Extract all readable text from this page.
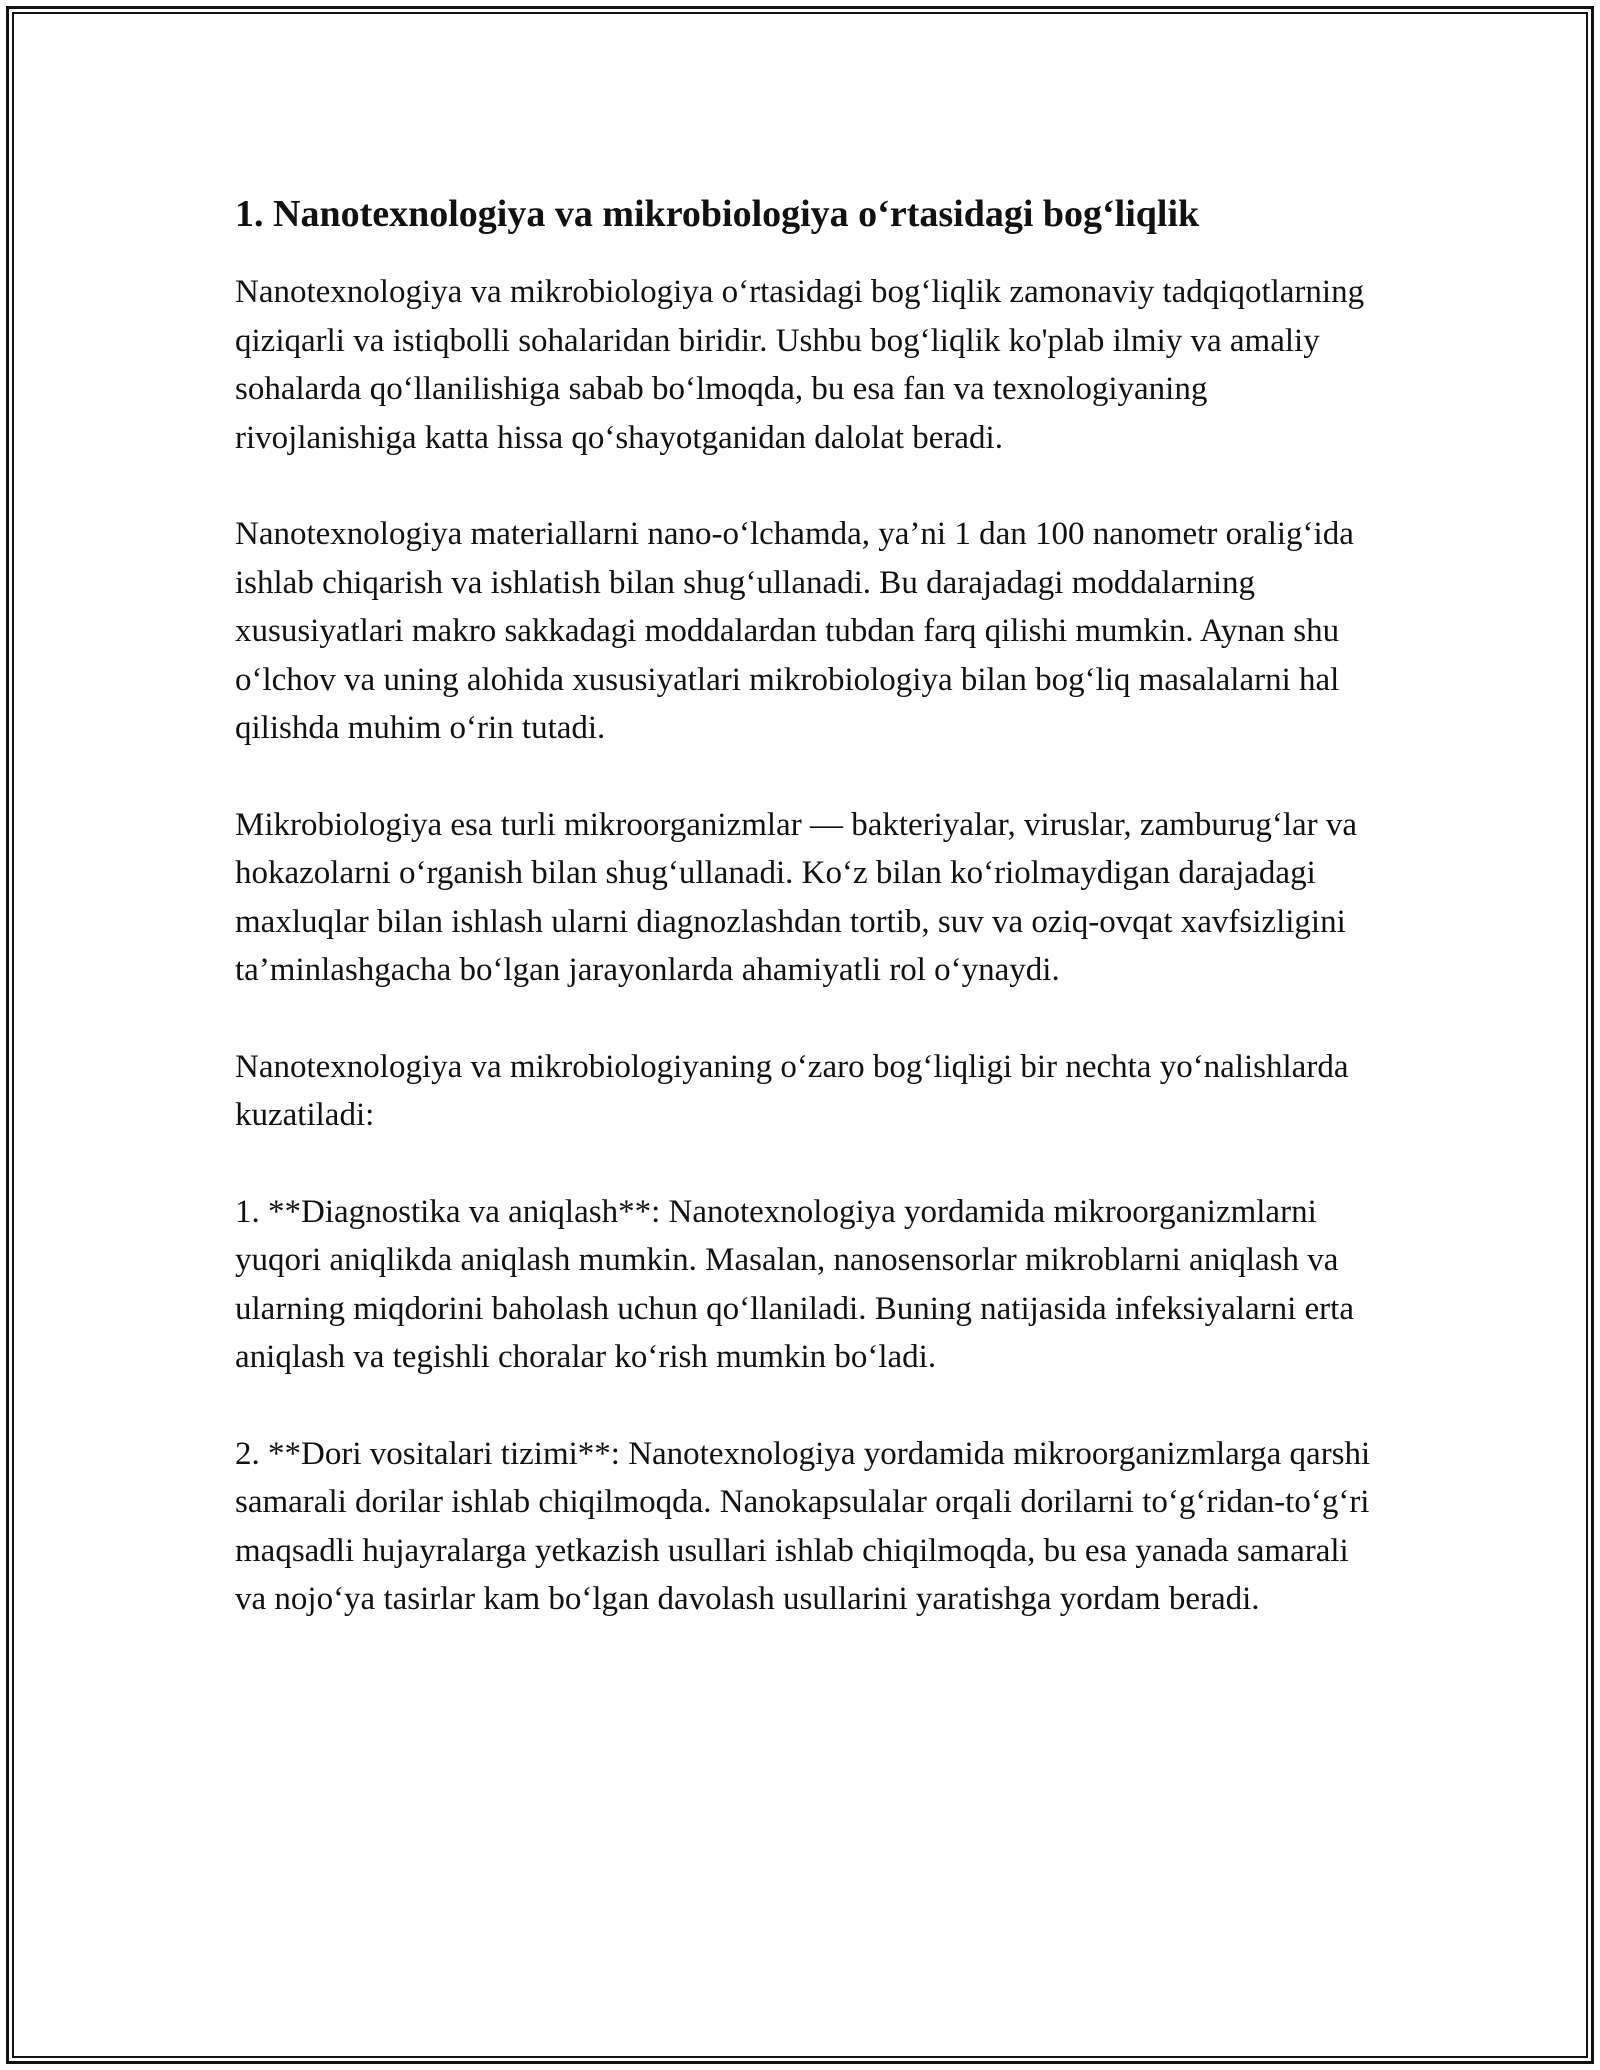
1. Nanotexnologiya va mikrobiologiya oʻrtasidagi bogʻliqlik

Nanotexnologiya va mikrobiologiya oʻrtasidagi bogʻliqlik zamonaviy tadqiqotlarning qiziqarli va istiqbolli sohalaridan biridir. Ushbu bogʻliqlik ko'plab ilmiy va amaliy sohalarda qoʻllanilishiga sabab boʻlmoqda, bu esa fan va texnologiyaning rivojlanishiga katta hissa qoʻshayotganidan dalolat beradi.

Nanotexnologiya materiallarni nano-oʻlchamda, ya’ni 1 dan 100 nanometr oraligʻida ishlab chiqarish va ishlatish bilan shugʻullanadi. Bu darajadagi moddalarning xususiyatlari makro sakkadagi moddalardan tubdan farq qilishi mumkin. Aynan shu oʻlchov va uning alohida xususiyatlari mikrobiologiya bilan bogʻliq masalalarni hal qilishda muhim oʻrin tutadi.

Mikrobiologiya esa turli mikroorganizmlar — bakteriyalar, viruslar, zamburugʻlar va hokazolarni oʻrganish bilan shugʻullanadi. Koʻz bilan koʻriolmaydigan darajadagi maxluqlar bilan ishlash ularni diagnozlashdan tortib, suv va oziq-ovqat xavfsizligini ta’minlashgacha boʻlgan jarayonlarda ahamiyatli rol oʻynaydi.

Nanotexnologiya va mikrobiologiyaning oʻzaro bogʻliqligi bir nechta yoʻnalishlarda kuzatiladi:

1. **Diagnostika va aniqlash**: Nanotexnologiya yordamida mikroorganizmlarni yuqori aniqlikda aniqlash mumkin. Masalan, nanosensorlar mikroblarni aniqlash va ularning miqdorini baholash uchun qoʻllaniladi. Buning natijasida infeksiyalarni erta aniqlash va tegishli choralar koʻrish mumkin boʻladi.

2. **Dori vositalari tizimi**: Nanotexnologiya yordamida mikroorganizmlarga qarshi samarali dorilar ishlab chiqilmoqda. Nanokapsulalar orqali dorilarni toʻgʻridan-toʻgʻri maqsadli hujayralarga yetkazish usullari ishlab chiqilmoqda, bu esa yanada samarali va nojoʻya tasirlar kam boʻlgan davolash usullarini yaratishga yordam beradi.
